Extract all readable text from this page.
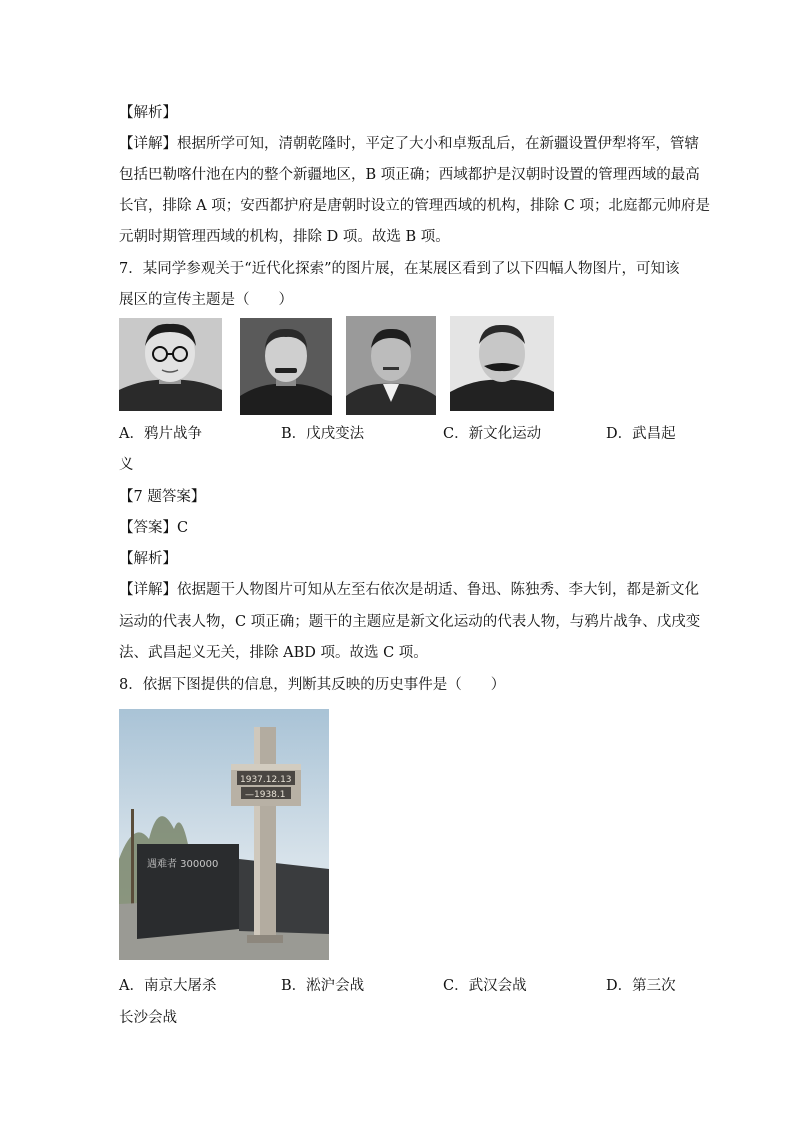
【解析】
【详解】根据所学可知，清朝乾隆时，平定了大小和卓叛乱后，在新疆设置伊犁将军，管辖
包括巴勒喀什池在内的整个新疆地区，B 项正确；西域都护是汉朝时设置的管理西域的最高
长官，排除 A 项；安西都护府是唐朝时设立的管理西域的机构，排除 C 项；北庭都元帅府是
元朝时期管理西域的机构，排除 D 项。故选 B 项。
7．某同学参观关于“近代化探索”的图片展，在某展区看到了以下四幅人物图片，可知该
展区的宣传主题是（　　）
A．鸦片战争	B．戊戌变法	C．新文化运动	D．武昌起
义
【7 题答案】
【答案】C
【解析】
【详解】依据题干人物图片可知从左至右依次是胡适、鲁迅、陈独秀、李大钊，都是新文化
运动的代表人物，C 项正确；题干的主题应是新文化运动的代表人物，与鸦片战争、戊戌变
法、武昌起义无关，排除 ABD 项。故选 C 项。
8．依据下图提供的信息，判断其反映的历史事件是（　　）
遇难者 300000
1937.12.13
—1938.1
A．南京大屠杀	B．淞沪会战	C．武汉会战	D．第三次
长沙会战
